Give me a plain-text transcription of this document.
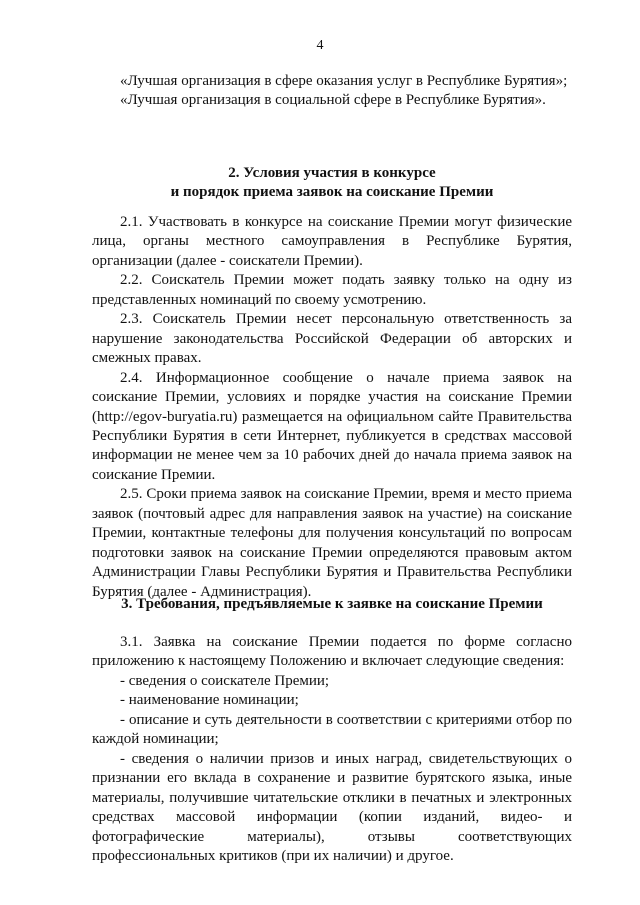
4

«Лучшая организация в сфере оказания услуг в Республике Бурятия»;

«Лучшая организация в социальной сфере в Республике Бурятия».

2. Условия участия в конкурсе

и порядок приема заявок на соискание Премии

2.1. Участвовать в конкурсе на соискание Премии могут физические лица, органы местного самоуправления в Республике Бурятия, организации (далее - соискатели Премии).

2.2. Соискатель Премии может подать заявку только на одну из представленных номинаций по своему усмотрению.

2.3. Соискатель Премии несет персональную ответственность за нарушение законодательства Российской Федерации об авторских и смежных правах.

2.4. Информационное сообщение о начале приема заявок на соискание Премии, условиях и порядке участия на соискание Премии (http://egov-buryatia.ru) размещается на официальном сайте Правительства Республики Бурятия в сети Интернет, публикуется в средствах массовой информации не менее чем за 10 рабочих дней до начала приема заявок на соискание Премии.

2.5. Сроки приема заявок на соискание Премии, время и место приема заявок (почтовый адрес для направления заявок на участие) на соискание Премии, контактные телефоны для получения консультаций по вопросам подготовки заявок на соискание Премии определяются правовым актом Администрации Главы Республики Бурятия и Правительства Республики Бурятия (далее - Администрация).

3. Требования, предъявляемые к заявке на соискание Премии

3.1. Заявка на соискание Премии подается по форме согласно приложению к настоящему Положению и включает следующие сведения:

- сведения о соискателе Премии;

- наименование номинации;

- описание и суть деятельности в соответствии с критериями отбор по каждой номинации;

- сведения о наличии призов и иных наград, свидетельствующих о признании его вклада в сохранение и развитие бурятского языка, иные материалы, получившие читательские отклики в печатных и электронных средствах массовой информации (копии изданий, видео- и фотографические материалы), отзывы соответствующих профессиональных критиков (при их наличии) и другое.
